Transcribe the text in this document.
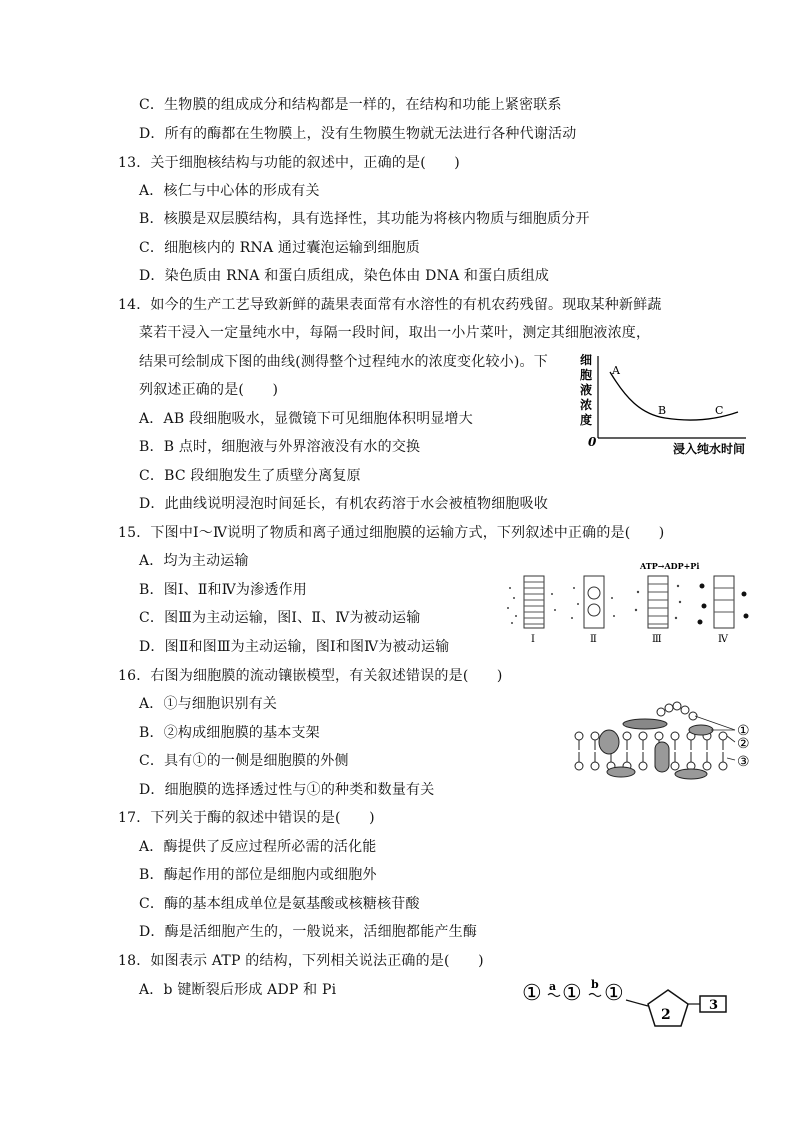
C．生物膜的组成成分和结构都是一样的，在结构和功能上紧密联系
D．所有的酶都在生物膜上，没有生物膜生物就无法进行各种代谢活动
13．关于细胞核结构与功能的叙述中，正确的是(　　)
A．核仁与中心体的形成有关
B．核膜是双层膜结构，具有选择性，其功能为将核内物质与细胞质分开
C．细胞核内的 RNA 通过囊泡运输到细胞质
D．染色质由 RNA 和蛋白质组成，染色体由 DNA 和蛋白质组成
14．如今的生产工艺导致新鲜的蔬果表面常有水溶性的有机农药残留。现取某种新鲜蔬
菜若干浸入一定量纯水中，每隔一段时间，取出一小片菜叶，测定其细胞液浓度，
结果可绘制成下图的曲线(测得整个过程纯水的浓度变化较小)。下
列叙述正确的是(　　)
A．AB 段细胞吸水，显微镜下可见细胞体积明显增大
B．B 点时，细胞液与外界溶液没有水的交换
C．BC 段细胞发生了质壁分离复原
D．此曲线说明浸泡时间延长，有机农药溶于水会被植物细胞吸收
15．下图中Ⅰ～Ⅳ说明了物质和离子通过细胞膜的运输方式，下列叙述中正确的是(　　)
A．均为主动运输
B．图Ⅰ、Ⅱ和Ⅳ为渗透作用
C．图Ⅲ为主动运输，图Ⅰ、Ⅱ、Ⅳ为被动运输
D．图Ⅱ和图Ⅲ为主动运输，图Ⅰ和图Ⅳ为被动运输
16．右图为细胞膜的流动镶嵌模型，有关叙述错误的是(　　)
A．①与细胞识别有关
B．②构成细胞膜的基本支架
C．具有①的一侧是细胞膜的外侧
D．细胞膜的选择透过性与①的种类和数量有关
17．下列关于酶的叙述中错误的是(　　)
A．酶提供了反应过程所必需的活化能
B．酶起作用的部位是细胞内或细胞外
C．酶的基本组成单位是氨基酸或核糖核苷酸
D．酶是活细胞产生的，一般说来，活细胞都能产生酶
18．如图表示 ATP 的结构，下列相关说法正确的是(　　)
A．b 键断裂后形成 ADP 和 Pi
细
胞
液
浓
度
0
A
B	C
浸入纯水时间
ATP→ADP+Pi
Ⅰ	Ⅱ	Ⅲ	Ⅳ
①
②
③
① a ① b ①
2
3
